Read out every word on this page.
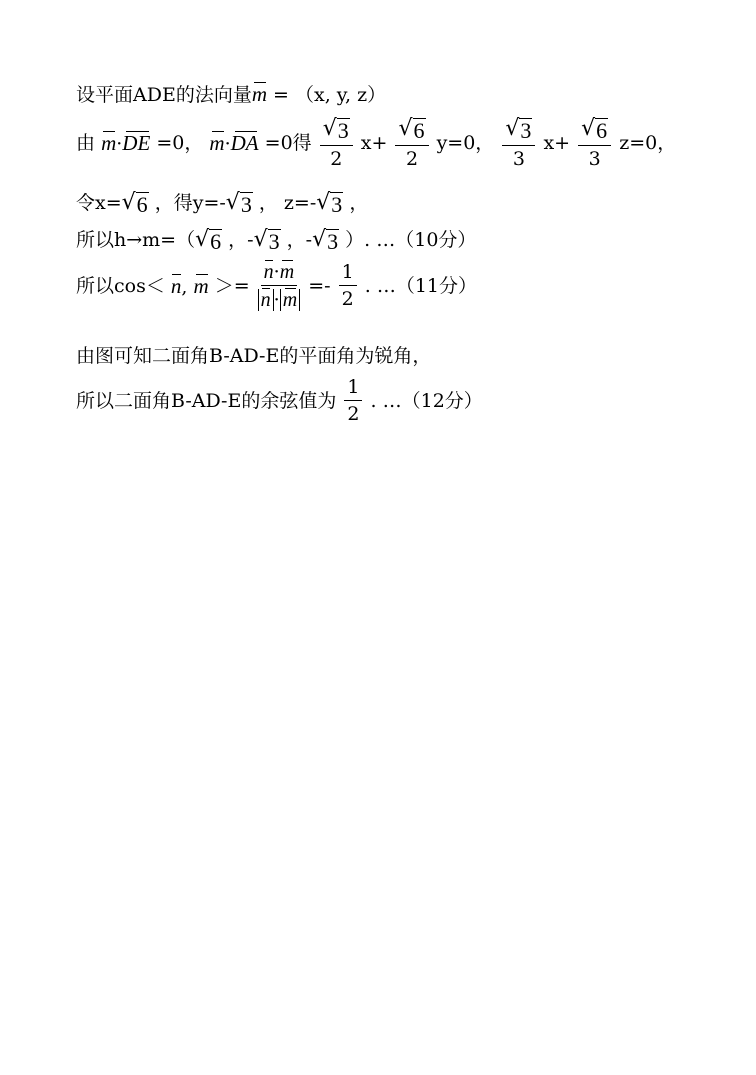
设平面ADE的法向量m = （x, y, z）
由 m·DE =0， m·DA =0得 $\frac{√ 3}{2} x+ \frac{√ 6}{2} y=0$， $\frac{√ 3}{3} x+ \frac{√ 6}{3} z=0$，
令x= √ 6 ，得y=- √ 3 ， z=- √ 3 ，
所以h→m=（ √ 6 ，- √ 3 ，- √ 3 ）. …（10分）
所以cos＜ n, $m >= \frac{n\cdot m}{n \cdot m} =- \frac{1}{2}$ . …（11分）
由图可知二面角B-AD-E的平面角为锐角，
所以二面角B-AD-E的余弦值为 $\frac{1}{2}$ . …（12分）
